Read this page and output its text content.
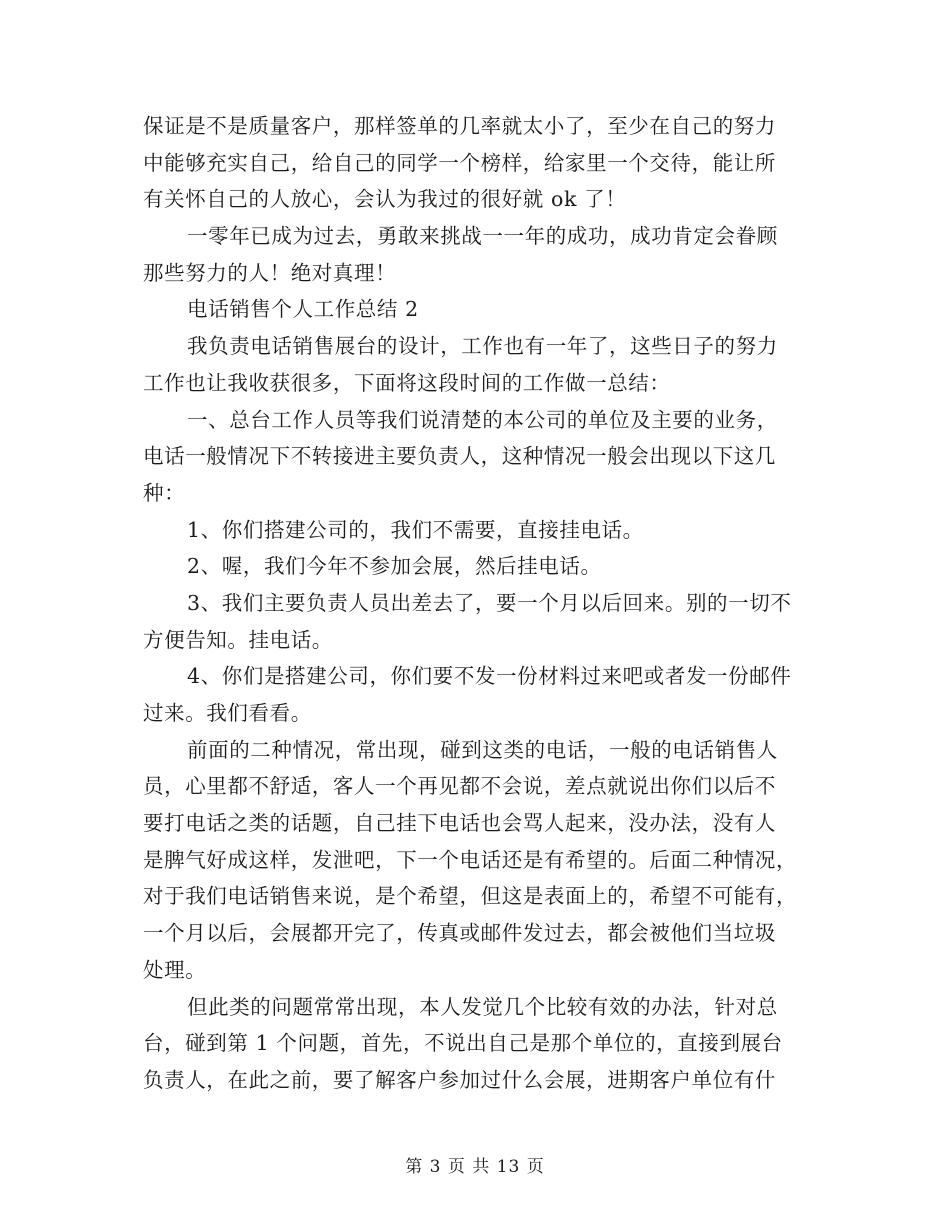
保证是不是质量客户，那样签单的几率就太小了，至少在自己的努力
中能够充实自己，给自己的同学一个榜样，给家里一个交待，能让所
有关怀自己的人放心，会认为我过的很好就 ok 了！
一零年已成为过去，勇敢来挑战一一年的成功，成功肯定会眷顾
那些努力的人！绝对真理！
电话销售个人工作总结 2
我负责电话销售展台的设计，工作也有一年了，这些日子的努力
工作也让我收获很多，下面将这段时间的工作做一总结：
一、总台工作人员等我们说清楚的本公司的单位及主要的业务，
电话一般情况下不转接进主要负责人，这种情况一般会出现以下这几
种：
1、你们搭建公司的，我们不需要，直接挂电话。
2、喔，我们今年不参加会展，然后挂电话。
3、我们主要负责人员出差去了，要一个月以后回来。别的一切不
方便告知。挂电话。
4、你们是搭建公司，你们要不发一份材料过来吧或者发一份邮件
过来。我们看看。
前面的二种情况，常出现，碰到这类的电话，一般的电话销售人
员，心里都不舒适，客人一个再见都不会说，差点就说出你们以后不
要打电话之类的话题，自己挂下电话也会骂人起来，没办法，没有人
是脾气好成这样，发泄吧，下一个电话还是有希望的。后面二种情况，
对于我们电话销售来说，是个希望，但这是表面上的，希望不可能有，
一个月以后，会展都开完了，传真或邮件发过去，都会被他们当垃圾
处理。
但此类的问题常常出现，本人发觉几个比较有效的办法，针对总
台，碰到第 1 个问题，首先，不说出自己是那个单位的，直接到展台
负责人，在此之前，要了解客户参加过什么会展，进期客户单位有什
第 3 页 共 13 页
